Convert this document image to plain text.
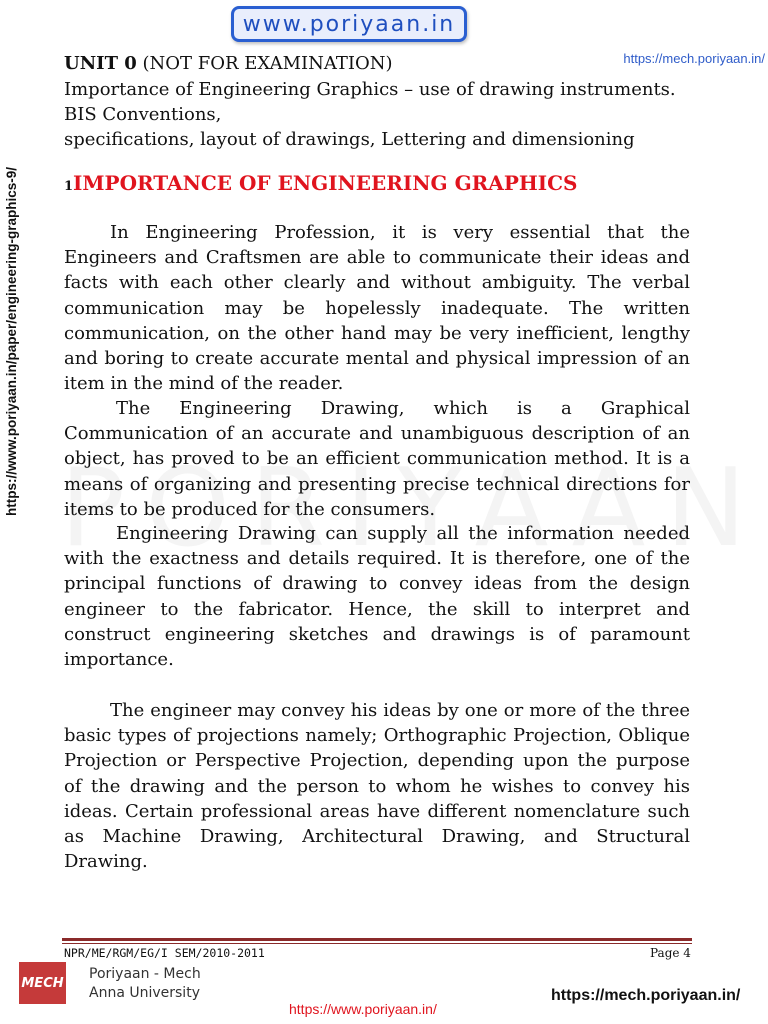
www.poriyaan.in
https://mech.poriyaan.in/
https://www.poriyaan.in/paper/engineering-graphics-9/
UNIT 0 (NOT FOR EXAMINATION)
Importance of Engineering Graphics – use of drawing instruments.
BIS Conventions,
specifications, layout of drawings, Lettering and dimensioning
1IMPORTANCE OF ENGINEERING GRAPHICS

In Engineering Profession, it is very essential that the Engineers and Craftsmen are able to communicate their ideas and facts with each other clearly and without ambiguity. The verbal communication may be hopelessly inadequate. The written communication, on the other hand may be very inefficient, lengthy and boring to create accurate mental and physical impression of an item in the mind of the reader.

The Engineering Drawing, which is a Graphical Communication of an accurate and unambiguous description of an object, has proved to be an efficient communication method. It is a means of organizing and presenting precise technical directions for items to be produced for the consumers.

Engineering Drawing can supply all the information needed with the exactness and details required. It is therefore, one of the principal functions of drawing to convey ideas from the design engineer to the fabricator. Hence, the skill to interpret and construct engineering sketches and drawings is of paramount importance.

The engineer may convey his ideas by one or more of the three basic types of projections namely; Orthographic Projection, Oblique Projection or Perspective Projection, depending upon the purpose of the drawing and the person to whom he wishes to convey his ideas. Certain professional areas have different nomenclature such as Machine Drawing, Architectural Drawing, and Structural Drawing.

NPR/ME/RGM/EG/I SEM/2010-2011	Page 4
MECH
Poriyaan - Mech
Anna University
https://www.poriyaan.in/
https://mech.poriyaan.in/
